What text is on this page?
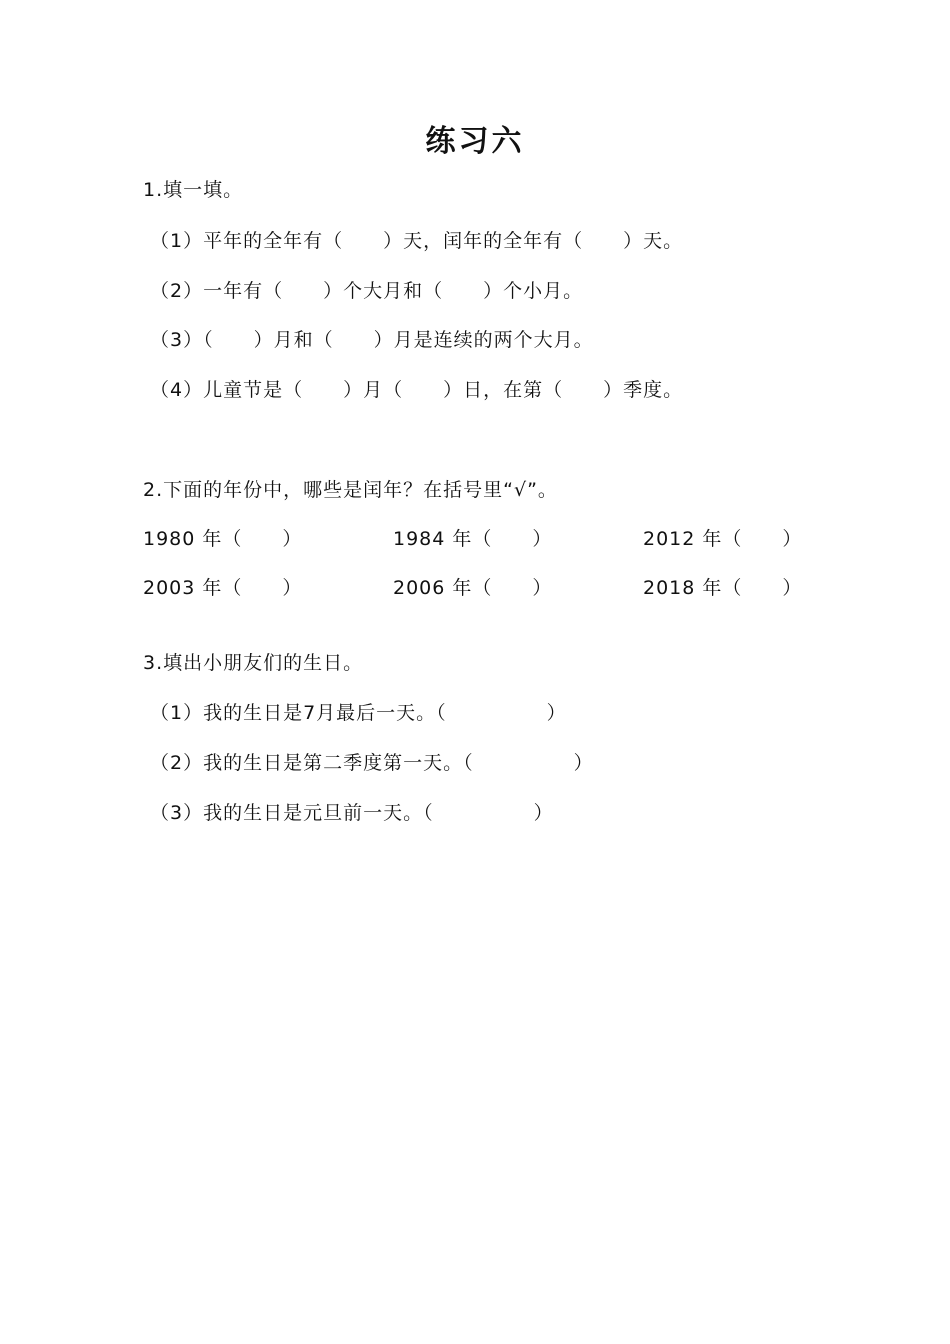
练习六
1.填一填。
（1）平年的全年有（　　）天，闰年的全年有（　　）天。
（2）一年有（　　）个大月和（　　）个小月。
（3）（　　）月和（　　）月是连续的两个大月。
（4）儿童节是（　　）月（　　）日，在第（　　）季度。
2.下面的年份中，哪些是闰年？在括号里“√”。
1980 年（　　）	1984 年（　　）	2012 年（　　）
2003 年（　　）	2006 年（　　）	2018 年（　　）
3.填出小朋友们的生日。
（1）我的生日是7月最后一天。（　　　　　）
（2）我的生日是第二季度第一天。（　　　　　）
（3）我的生日是元旦前一天。（　　　　　）
